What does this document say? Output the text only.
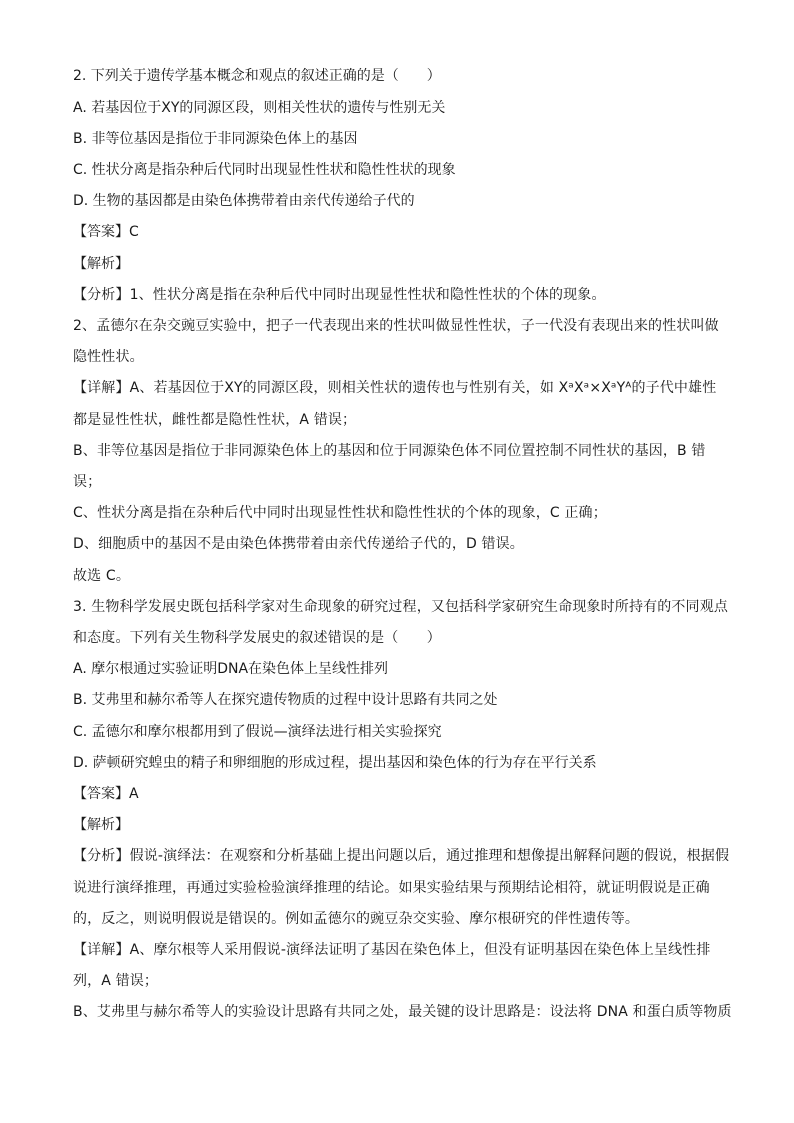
2. 下列关于遗传学基本概念和观点的叙述正确的是（　　）
A. 若基因位于XY的同源区段，则相关性状的遗传与性别无关
B. 非等位基因是指位于非同源染色体上的基因
C. 性状分离是指杂种后代同时出现显性性状和隐性性状的现象
D. 生物的基因都是由染色体携带着由亲代传递给子代的
【答案】C
【解析】
【分析】1、性状分离是指在杂种后代中同时出现显性性状和隐性性状的个体的现象。
2、孟德尔在杂交豌豆实验中，把子一代表现出来的性状叫做显性性状，子一代没有表现出来的性状叫做
隐性性状。
【详解】A、若基因位于XY的同源区段，则相关性状的遗传也与性别有关，如 XᵃXᵃ×XᵃYᴬ的子代中雄性
都是显性性状，雌性都是隐性性状，A 错误；
B、非等位基因是指位于非同源染色体上的基因和位于同源染色体不同位置控制不同性状的基因，B 错
误；
C、性状分离是指在杂种后代中同时出现显性性状和隐性性状的个体的现象，C 正确；
D、细胞质中的基因不是由染色体携带着由亲代传递给子代的，D 错误。
故选 C。
3. 生物科学发展史既包括科学家对生命现象的研究过程，又包括科学家研究生命现象时所持有的不同观点
和态度。下列有关生物科学发展史的叙述错误的是（　　）
A. 摩尔根通过实验证明DNA在染色体上呈线性排列
B. 艾弗里和赫尔希等人在探究遗传物质的过程中设计思路有共同之处
C. 孟德尔和摩尔根都用到了假说—演绎法进行相关实验探究
D. 萨顿研究蝗虫的精子和卵细胞的形成过程，提出基因和染色体的行为存在平行关系
【答案】A
【解析】
【分析】假说-演绎法：在观察和分析基础上提出问题以后，通过推理和想像提出解释问题的假说，根据假
说进行演绎推理，再通过实验检验演绎推理的结论。如果实验结果与预期结论相符，就证明假说是正确
的，反之，则说明假说是错误的。例如孟德尔的豌豆杂交实验、摩尔根研究的伴性遗传等。
【详解】A、摩尔根等人采用假说-演绎法证明了基因在染色体上，但没有证明基因在染色体上呈线性排
列，A 错误；
B、艾弗里与赫尔希等人的实验设计思路有共同之处，最关键的设计思路是：设法将 DNA 和蛋白质等物质
